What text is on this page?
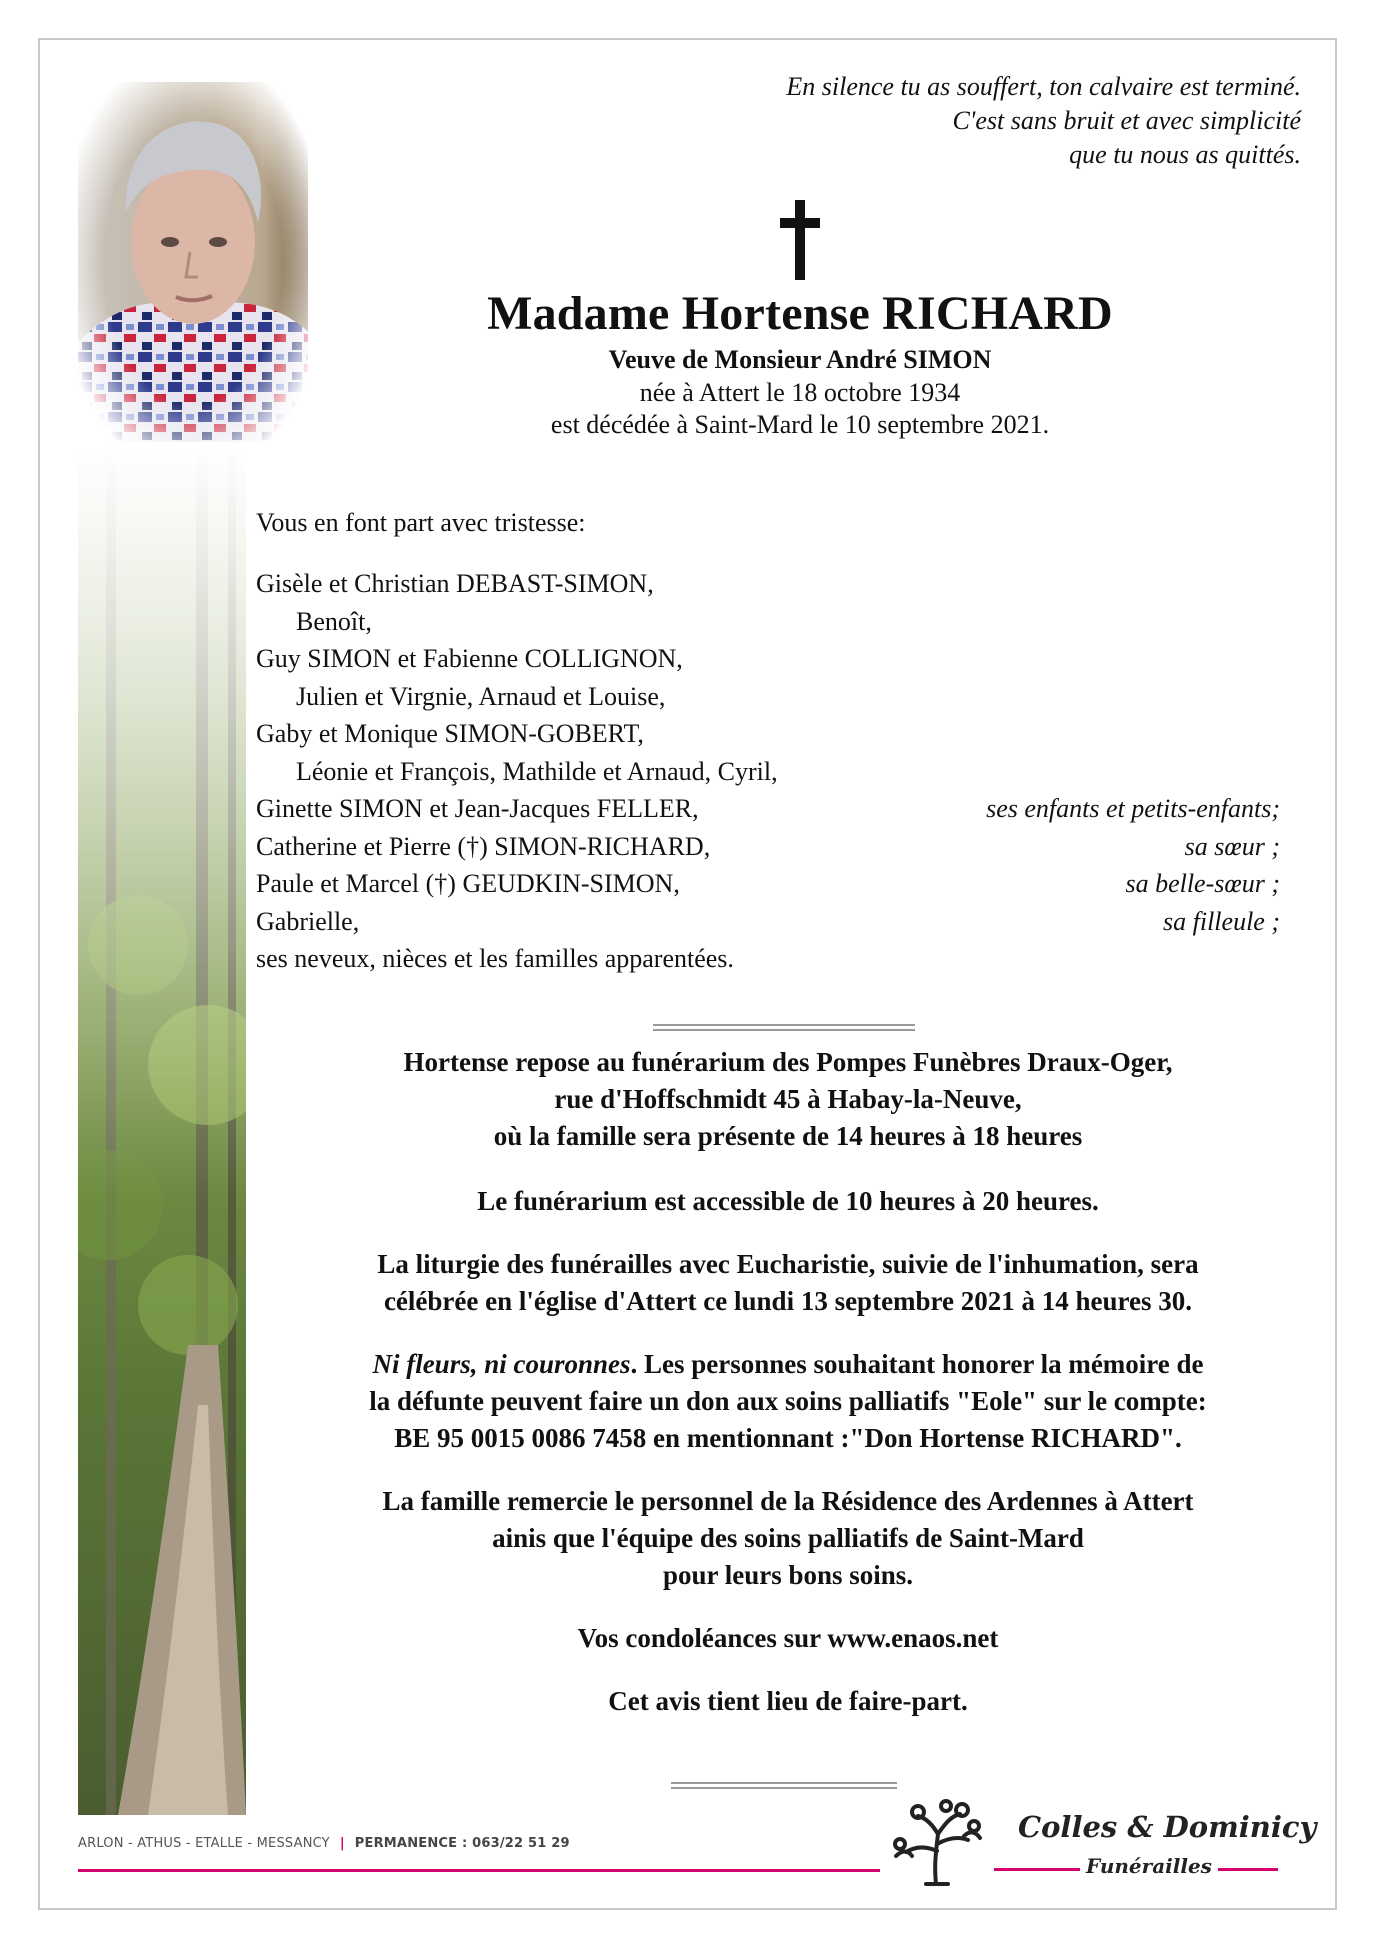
En silence tu as souffert, ton calvaire est terminé.
C'est sans bruit et avec simplicité
que tu nous as quittés.
Madame Hortense RICHARD
Veuve de Monsieur André SIMON
née à Attert le 18 octobre 1934
est décédée à Saint-Mard le 10 septembre 2021.
Vous en font part avec tristesse:
Gisèle et Christian DEBAST-SIMON,
Benoît,
Guy SIMON et Fabienne COLLIGNON,
Julien et Virgnie, Arnaud et Louise,
Gaby et Monique SIMON-GOBERT,
Léonie et François, Mathilde et Arnaud, Cyril,
Ginette SIMON et Jean-Jacques FELLER,	ses enfants et petits-enfants;
Catherine et Pierre (†) SIMON-RICHARD,	sa sœur ;
Paule et Marcel (†) GEUDKIN-SIMON,	sa belle-sœur ;
Gabrielle,	sa filleule ;
ses neveux, nièces et les familles apparentées.

Hortense repose au funérarium des Pompes Funèbres Draux-Oger,
rue d'Hoffschmidt 45 à Habay-la-Neuve,
où la famille sera présente de 14 heures à 18 heures

Le funérarium est accessible de 10 heures à 20 heures.

La liturgie des funérailles avec Eucharistie, suivie de l'inhumation, sera
célébrée en l'église d'Attert ce lundi 13 septembre 2021 à 14 heures 30.

Ni fleurs, ni couronnes. Les personnes souhaitant honorer la mémoire de
la défunte peuvent faire un don aux soins palliatifs "Eole" sur le compte:
BE 95 0015 0086 7458 en mentionnant :"Don Hortense RICHARD".

La famille remercie le personnel de la Résidence des Ardennes à Attert
ainis que l'équipe des soins palliatifs de Saint-Mard
pour leurs bons soins.

Vos condoléances sur www.enaos.net

Cet avis tient lieu de faire-part.

ARLON - ATHUS - ETALLE - MESSANCY | PERMANENCE : 063/22 51 29	Colles & Dominicy
Funérailles
